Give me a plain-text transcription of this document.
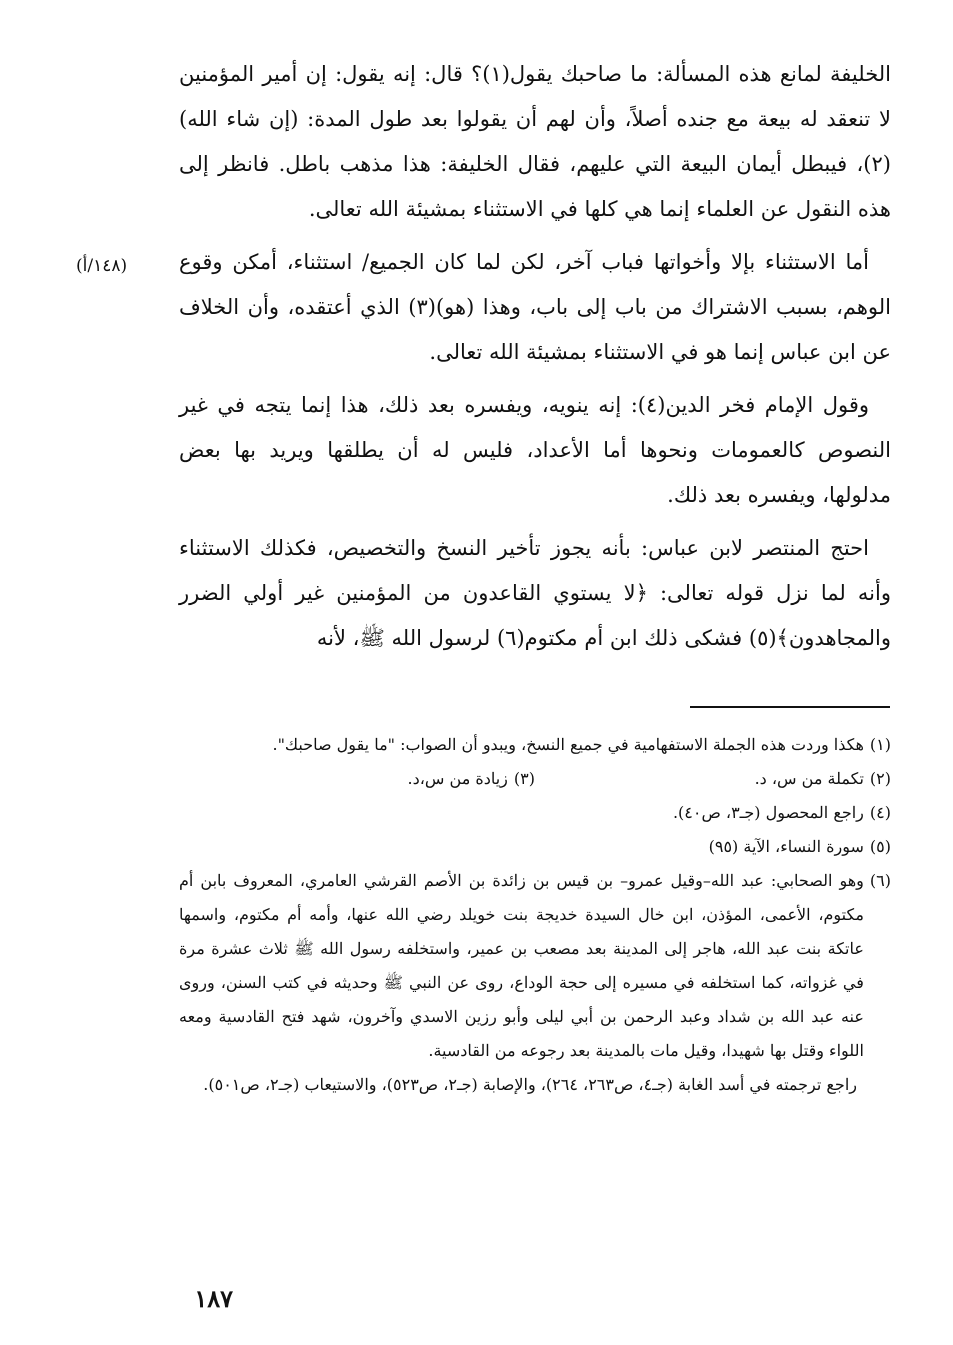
الخليفة لمانع هذه المسألة: ما صاحبك يقول(١)؟ قال: إنه يقول: إن أمير المؤمنين لا تنعقد له بيعة مع جنده أصلاً، وأن لهم أن يقولوا بعد طول المدة: (إن شاء الله)(٢)، فيبطل أيمان البيعة التي عليهم، فقال الخليفة: هذا مذهب باطل. فانظر إلى هذه النقول عن العلماء إنما هي كلها في الاستثناء بمشيئة الله تعالى.

أما الاستثناء بإلا وأخواتها فباب آخر، لكن لما كان الجميع/ استثناء، أمكن وقوع الوهم، بسبب الاشتراك من باب إلى باب، وهذا (هو)(٣) الذي أعتقده، وأن الخلاف عن ابن عباس إنما هو في الاستثناء بمشيئة الله تعالى.

وقول الإمام فخر الدين(٤): إنه ينويه، ويفسره بعد ذلك، هذا إنما يتجه في غير النصوص كالعمومات ونحوها أما الأعداد، فليس له أن يطلقها ويريد بها بعض مدلولها، ويفسره بعد ذلك.

احتج المنتصر لابن عباس: بأنه يجوز تأخير النسخ والتخصيص، فكذلك الاستثناء وأنه لما نزل قوله تعالى: ﴿لا يستوي القاعدون من المؤمنين غير أولي الضرر والمجاهدون﴾(٥) فشكى ذلك ابن أم مكتوم(٦) لرسول الله ﷺ، لأنه

(١٤٨/أ)
(١)
هكذا وردت هذه الجملة الاستفهامية في جميع النسخ، ويبدو أن الصواب: "ما يقول صاحبك".
(٢)
تكملة من س، د.
(٣)
زيادة من س،د.
(٤)
راجع المحصول (جـ٣، ص٤٠).
(٥)
سورة النساء، الآية (٩٥)
(٦)
وهو الصحابي: عبد الله–وقيل عمرو– بن قيس بن زائدة بن الأصم القرشي العامري، المعروف بابن أم مكتوم، الأعمى، المؤذن، ابن خال السيدة خديجة بنت خويلد رضي الله عنها، وأمه أم مكتوم، واسمها عاتكة بنت عبد الله، هاجر إلى المدينة بعد مصعب بن عمير، واستخلفه رسول الله ﷺ ثلاث عشرة مرة في غزواته، كما استخلفه في مسيره إلى حجة الوداع، روى عن النبي ﷺ وحديثه في كتب السنن، وروى عنه عبد الله بن شداد وعبد الرحمن بن أبي ليلى وأبو رزين الاسدي وآخرون، شهد فتح القادسية ومعه اللواء وقتل بها شهيدا، وقيل مات بالمدينة بعد رجوعه من القادسية.
راجع ترجمته في أسد الغابة (جـ٤، ص٢٦٣، ٢٦٤)، والإصابة (جـ٢، ص٥٢٣)، والاستيعاب (جـ٢، ص٥٠١).
١٨٧
